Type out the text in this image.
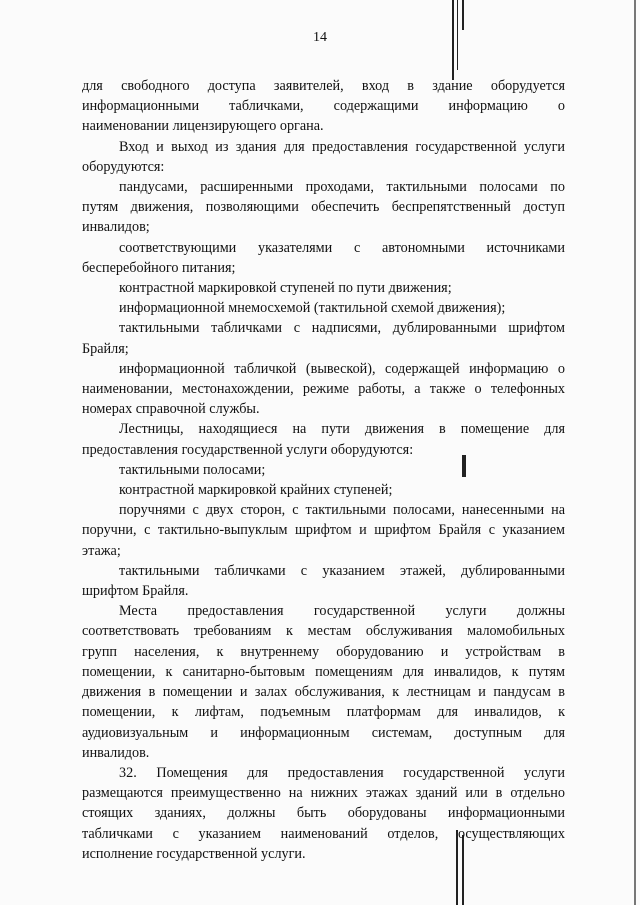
14

для свободного доступа заявителей, вход в здание оборудуется

информационными табличками, содержащими информацию о

наименовании лицензирующего органа.

Вход и выход из здания для предоставления государственной услуги

оборудуются:

пандусами, расширенными проходами, тактильными полосами по

путям движения, позволяющими обеспечить беспрепятственный доступ

инвалидов;

соответствующими указателями с автономными источниками

бесперебойного питания;

контрастной маркировкой ступеней по пути движения;

информационной мнемосхемой (тактильной схемой движения);

тактильными табличками с надписями, дублированными шрифтом

Брайля;

информационной табличкой (вывеской), содержащей информацию о

наименовании, местонахождении, режиме работы, а также о телефонных

номерах справочной службы.

Лестницы, находящиеся на пути движения в помещение для

предоставления государственной услуги оборудуются:

тактильными полосами;

контрастной маркировкой крайних ступеней;

поручнями с двух сторон, с тактильными полосами, нанесенными на

поручни, с тактильно-выпуклым шрифтом и шрифтом Брайля с указанием

этажа;

тактильными табличками с указанием этажей, дублированными

шрифтом Брайля.

Места предоставления государственной услуги должны

соответствовать требованиям к местам обслуживания маломобильных

групп населения, к внутреннему оборудованию и устройствам в

помещении, к санитарно-бытовым помещениям для инвалидов, к путям

движения в помещении и залах обслуживания, к лестницам и пандусам в

помещении, к лифтам, подъемным платформам для инвалидов, к

аудиовизуальным и информационным системам, доступным для

инвалидов.

32. Помещения для предоставления государственной услуги

размещаются преимущественно на нижних этажах зданий или в отдельно

стоящих зданиях, должны быть оборудованы информационными

табличками с указанием наименований отделов, осуществляющих

исполнение государственной услуги.
